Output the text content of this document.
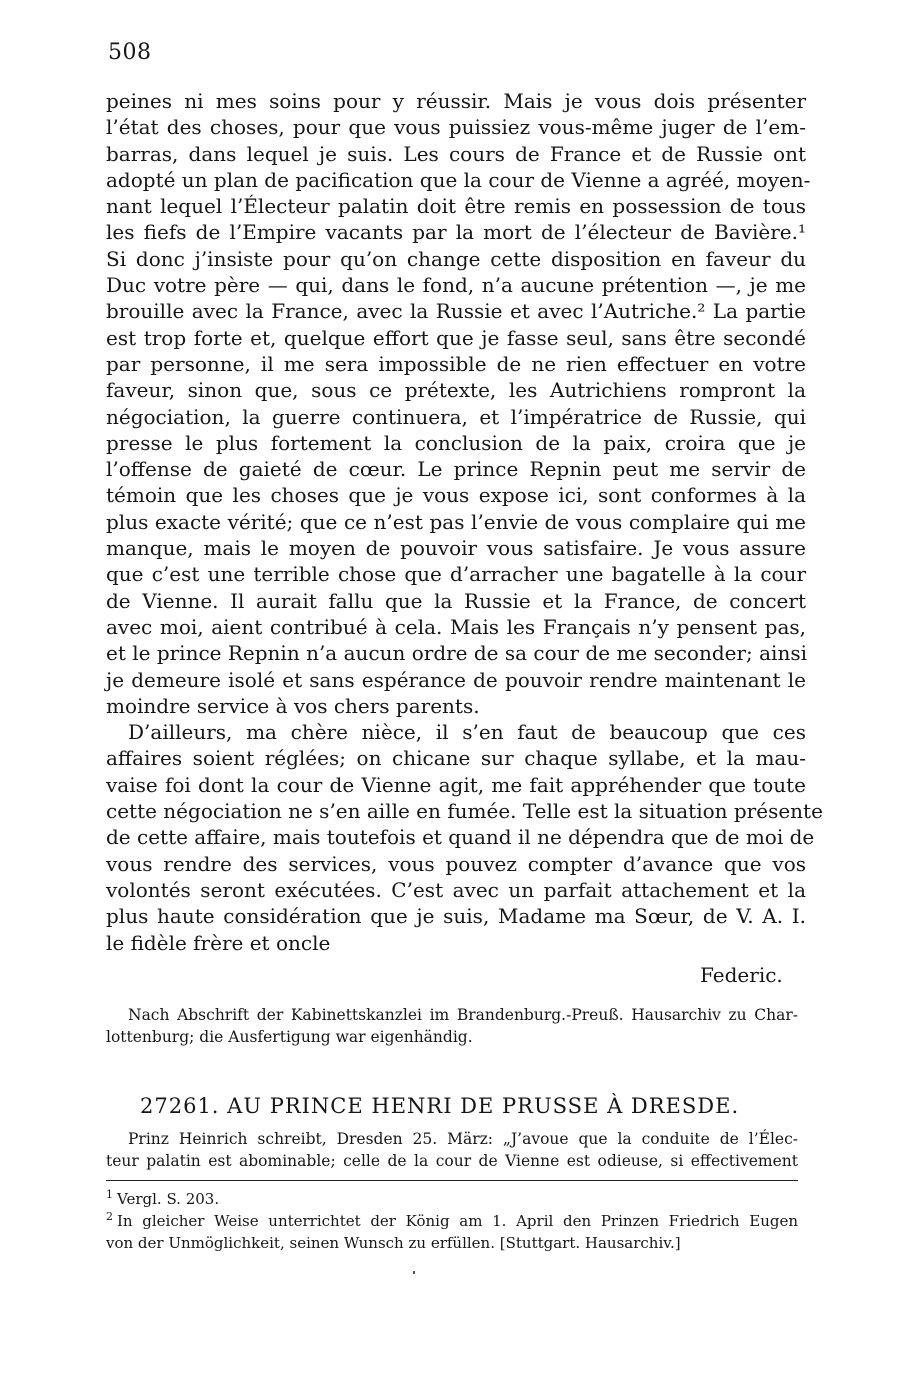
508
peines ni mes soins pour y réussir. Mais je vous dois présenter
l’état des choses, pour que vous puissiez vous-même juger de l’em-
barras, dans lequel je suis. Les cours de France et de Russie ont
adopté un plan de pacification que la cour de Vienne a agréé, moyen-
nant lequel l’Électeur palatin doit être remis en possession de tous
les fiefs de l’Empire vacants par la mort de l’électeur de Bavière.¹
Si donc j’insiste pour qu’on change cette disposition en faveur du
Duc votre père — qui, dans le fond, n’a aucune prétention —, je me
brouille avec la France, avec la Russie et avec l’Autriche.² La partie
est trop forte et, quelque effort que je fasse seul, sans être secondé
par personne, il me sera impossible de ne rien effectuer en votre
faveur, sinon que, sous ce prétexte, les Autrichiens rompront la
négociation, la guerre continuera, et l’impératrice de Russie, qui
presse le plus fortement la conclusion de la paix, croira que je
l’offense de gaieté de cœur. Le prince Repnin peut me servir de
témoin que les choses que je vous expose ici, sont conformes à la
plus exacte vérité; que ce n’est pas l’envie de vous complaire qui me
manque, mais le moyen de pouvoir vous satisfaire. Je vous assure
que c’est une terrible chose que d’arracher une bagatelle à la cour
de Vienne. Il aurait fallu que la Russie et la France, de concert
avec moi, aient contribué à cela. Mais les Français n’y pensent pas,
et le prince Repnin n’a aucun ordre de sa cour de me seconder; ainsi
je demeure isolé et sans espérance de pouvoir rendre maintenant le
moindre service à vos chers parents.
D’ailleurs, ma chère nièce, il s’en faut de beaucoup que ces
affaires soient réglées; on chicane sur chaque syllabe, et la mau-
vaise foi dont la cour de Vienne agit, me fait appréhender que toute
cette négociation ne s’en aille en fumée. Telle est la situation présente
de cette affaire, mais toutefois et quand il ne dépendra que de moi de
vous rendre des services, vous pouvez compter d’avance que vos
volontés seront exécutées. C’est avec un parfait attachement et la
plus haute considération que je suis, Madame ma Sœur, de V. A. I.
le fidèle frère et oncle
Federic.
Nach Abschrift der Kabinettskanzlei im Brandenburg.-Preuß. Hausarchiv zu Char-
lottenburg; die Ausfertigung war eigenhändig.
27261. AU PRINCE HENRI DE PRUSSE À DRESDE.
Prinz Heinrich schreibt, Dresden 25. März: „J’avoue que la conduite de l’Élec-
teur palatin est abominable; celle de la cour de Vienne est odieuse, si effectivement
$^1$ Vergl. S. 203.
$^2$ In gleicher Weise unterrichtet der König am 1. April den Prinzen Friedrich Eugen
von der Unmöglichkeit, seinen Wunsch zu erfüllen. [Stuttgart. Hausarchiv.]
